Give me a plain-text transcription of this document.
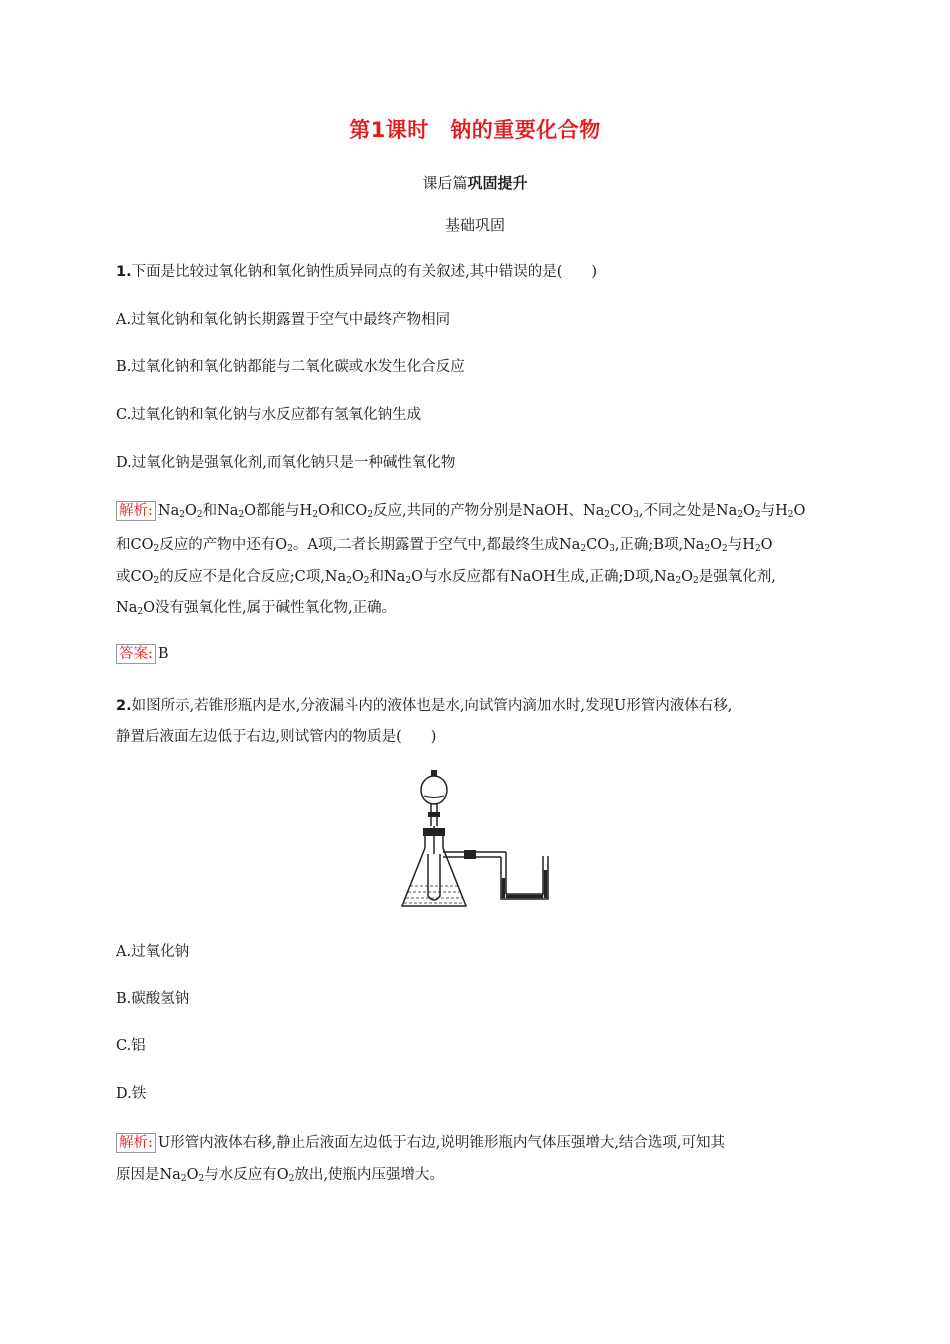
第1课时　钠的重要化合物
课后篇巩固提升
基础巩固
1.下面是比较过氧化钠和氧化钠性质异同点的有关叙述,其中错误的是(　　)
A.过氧化钠和氧化钠长期露置于空气中最终产物相同
B.过氧化钠和氧化钠都能与二氧化碳或水发生化合反应
C.过氧化钠和氧化钠与水反应都有氢氧化钠生成
D.过氧化钠是强氧化剂,而氧化钠只是一种碱性氧化物
解析: $Na_2O_2$和$Na_2O$都能与$H_2O$和$CO_2$反应,共同的产物分别是NaOH、$Na_2CO_3$,不同之处是$Na_2O_2$与$H_2O$
和$CO_2$反应的产物中还有$O_2$。A项,二者长期露置于空气中,都最终生成$Na_2CO_3$,正确;B项$,Na_2O_2$与$H_2O$
或$CO_2$的反应不是化合反应;C项$,Na_2O_2$和$Na_2O$与水反应都有NaOH生成,正确;D项$,Na_2O_2$是强氧化剂,
$Na_2O$没有强氧化性,属于碱性氧化物,正确。
答案: B
2.如图所示,若锥形瓶内是水,分液漏斗内的液体也是水,向试管内滴加水时,发现U形管内液体右移,
静置后液面左边低于右边,则试管内的物质是(　　)
A.过氧化钠
B.碳酸氢钠
C.铝
D.铁
解析: U形管内液体右移,静止后液面左边低于右边,说明锥形瓶内气体压强增大,结合选项,可知其
原因是$Na_2O_2$与水反应有$O_2$放出,使瓶内压强增大。
